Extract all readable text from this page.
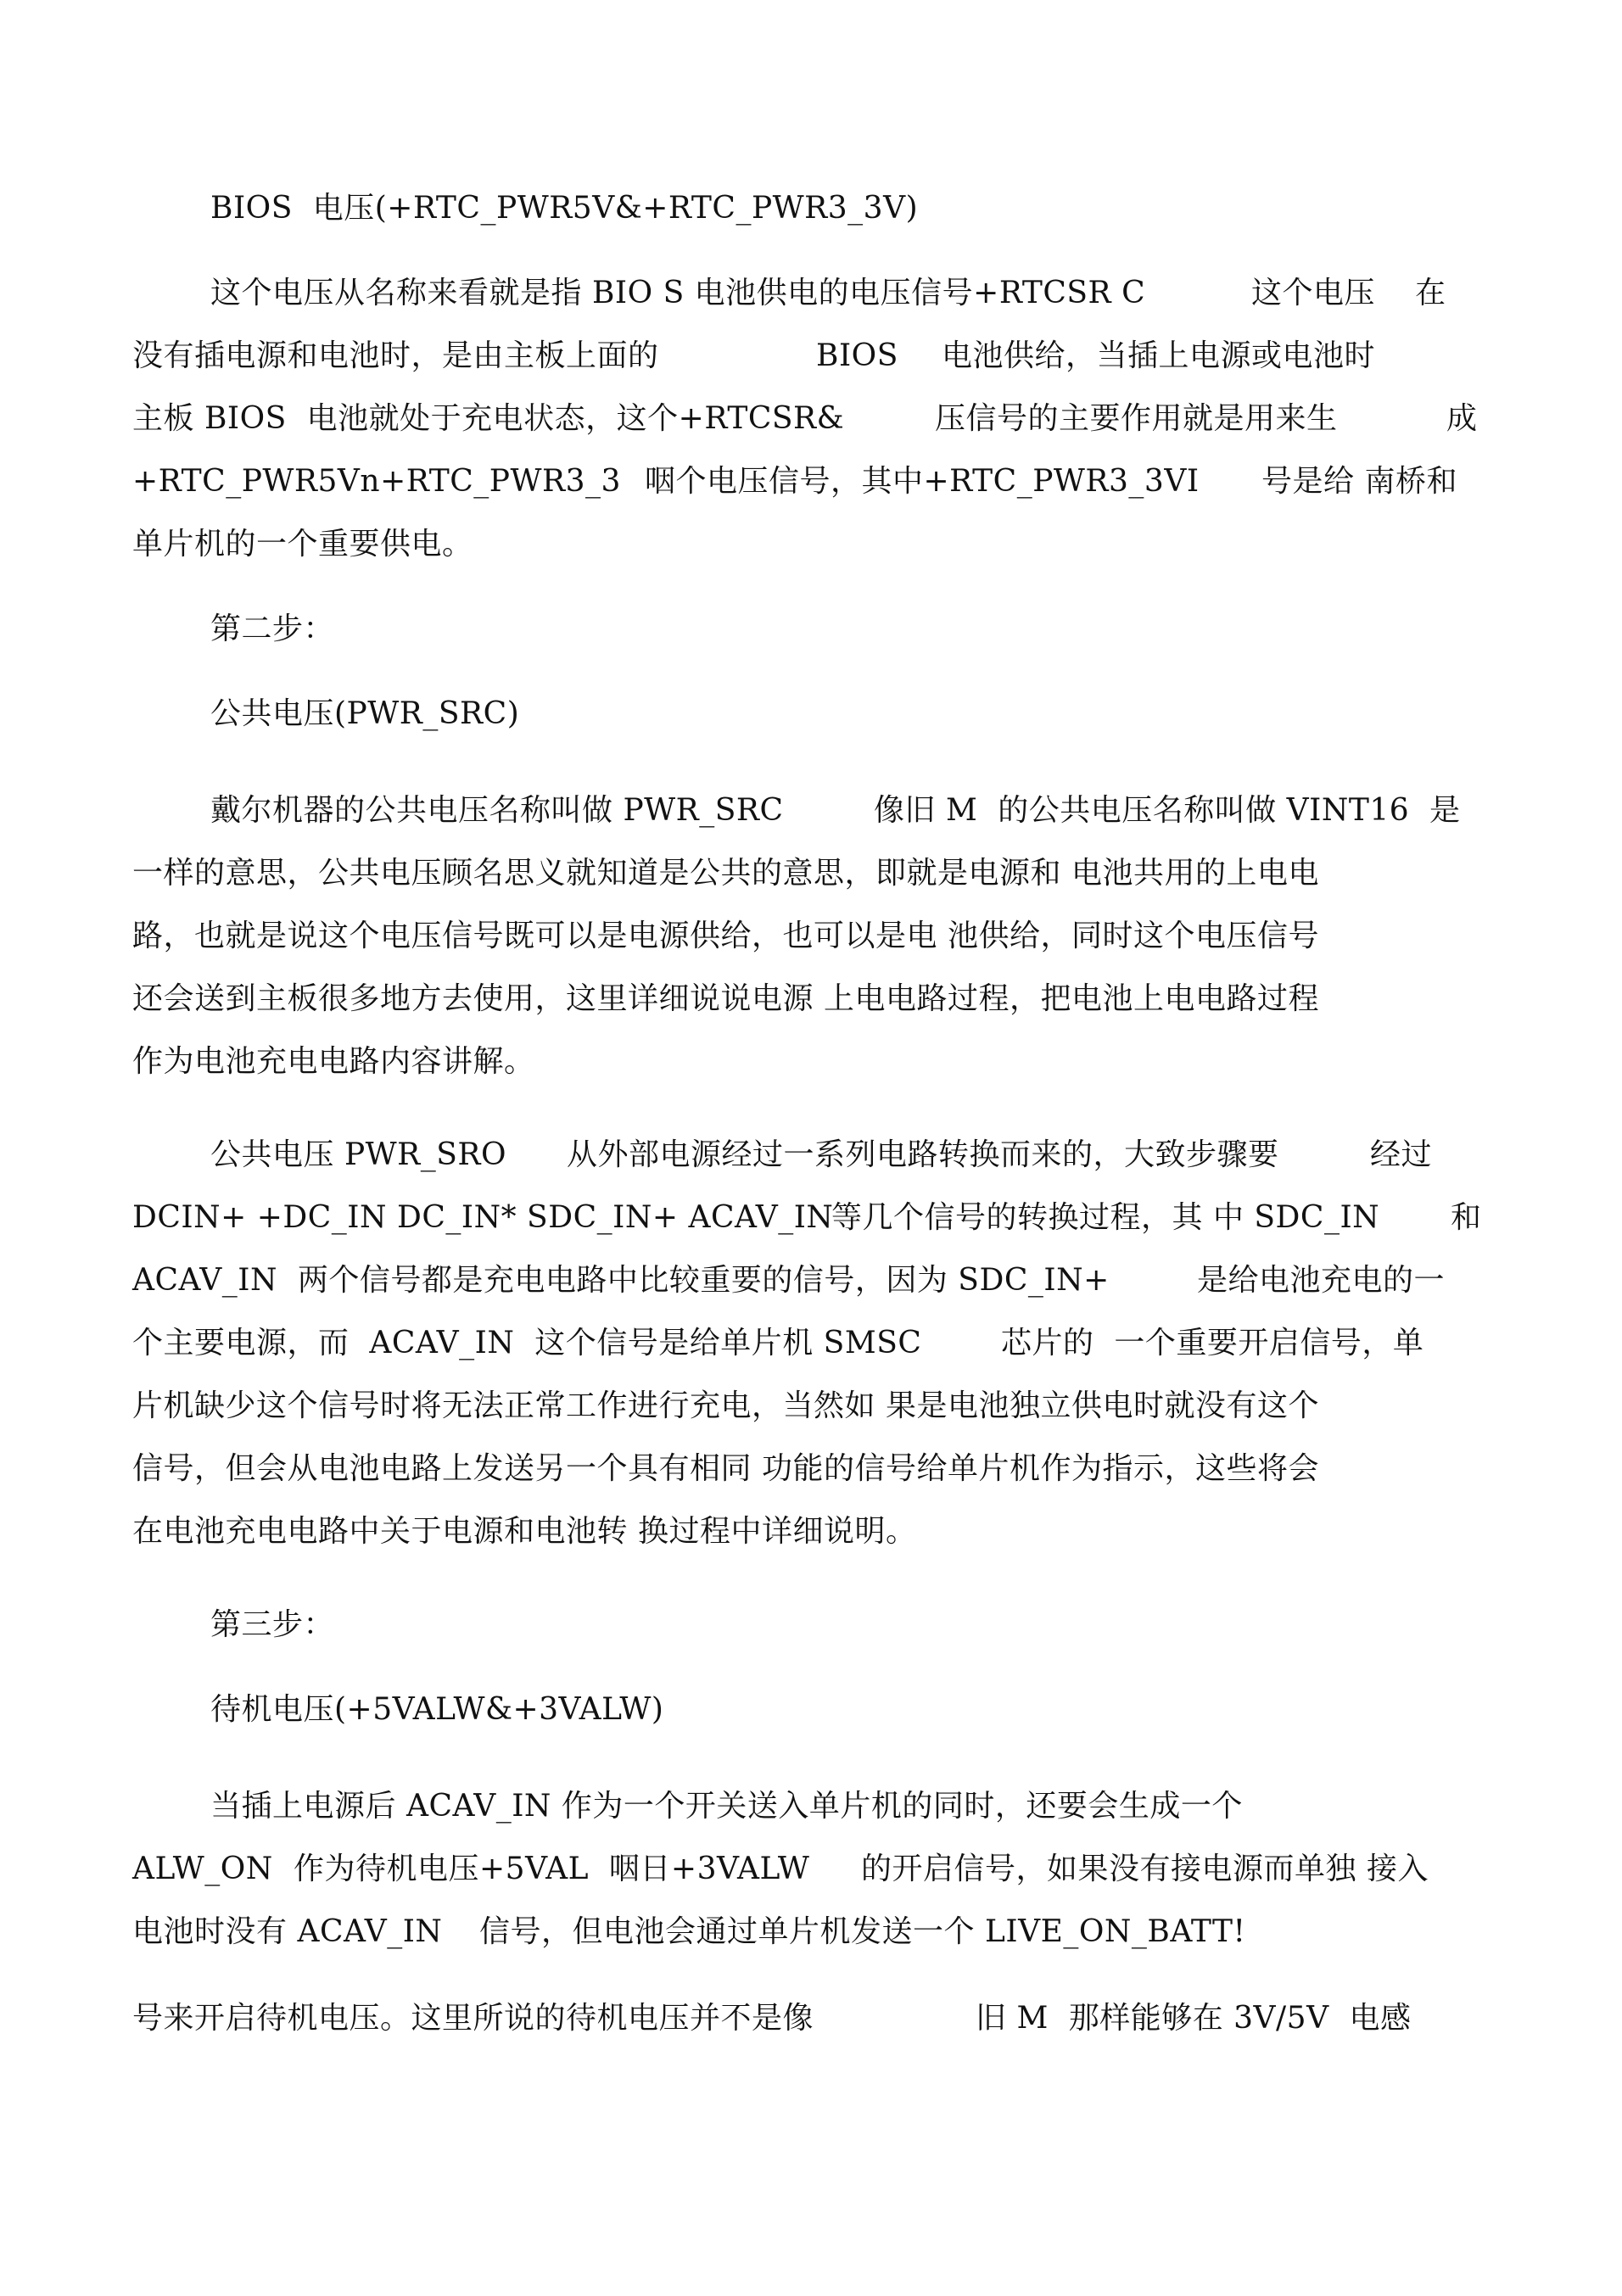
BIOS  电压(+RTC_PWR5V&+RTC_PWR3_3V)

这个电压从名称来看就是指 BIO S 电池供电的电压信号+RTCSR C

	这个电压

在

没有插电源和电池时，是由主板上面的

	BIOS

电池供给，当插上电源或电池时

主板 BIOS  电池就处于充电状态，这个+RTCSR&

	压信号的主要作用就是用来生

	成

+RTC_PWR5Vn+RTC_PWR3_3

咽个电压信号，其中+RTC_PWR3_3VI

号是给 南桥和

单片机的一个重要供电。

第二步：

公共电压(PWR_SRC)

戴尔机器的公共电压名称叫做 PWR_SRC

	像旧 M  的公共电压名称叫做 VINT16  是

一样的意思，公共电压顾名思义就知道是公共的意思，即就是电源和 电池共用的上电电

路，也就是说这个电压信号既可以是电源供给，也可以是电 池供给，同时这个电压信号

还会送到主板很多地方去使用，这里详细说说电源 上电电路过程，把电池上电电路过程

作为电池充电电路内容讲解。

公共电压 PWR_SRO

从外部电源经过一系列电路转换而来的，大致步骤要

	经过

DCIN+ +DC_IN DC_IN* SDC_IN+ ACAV_IN

等几个信号的转换过程，其 中 SDC_IN

和

ACAV_IN  两个信号都是充电电路中比较重要的信号，因为 SDC_IN+

	是给电池充电的一

个主要电源，而  ACAV_IN  这个信号是给单片机 SMSC

	芯片的  一个重要开启信号，单

片机缺少这个信号时将无法正常工作进行充电，当然如 果是电池独立供电时就没有这个

信号，但会从电池电路上发送另一个具有相同 功能的信号给单片机作为指示，这些将会

在电池充电电路中关于电源和电池转 换过程中详细说明。

第三步：

待机电压(+5VALW&+3VALW)

当插上电源后 ACAV_IN 作为一个开关送入单片机的同时，还要会生成一个

ALW_ON

作为待机电压+5VAL  咽日+3VALW

的开启信号，如果没有接电源而单独 接入

电池时没有 ACAV_IN

信号，但电池会通过单片机发送一个 LIVE_ON_BATT!

号来开启待机电压。这里所说的待机电压并不是像

	旧 M  那样能够在 3V/5V  电感
